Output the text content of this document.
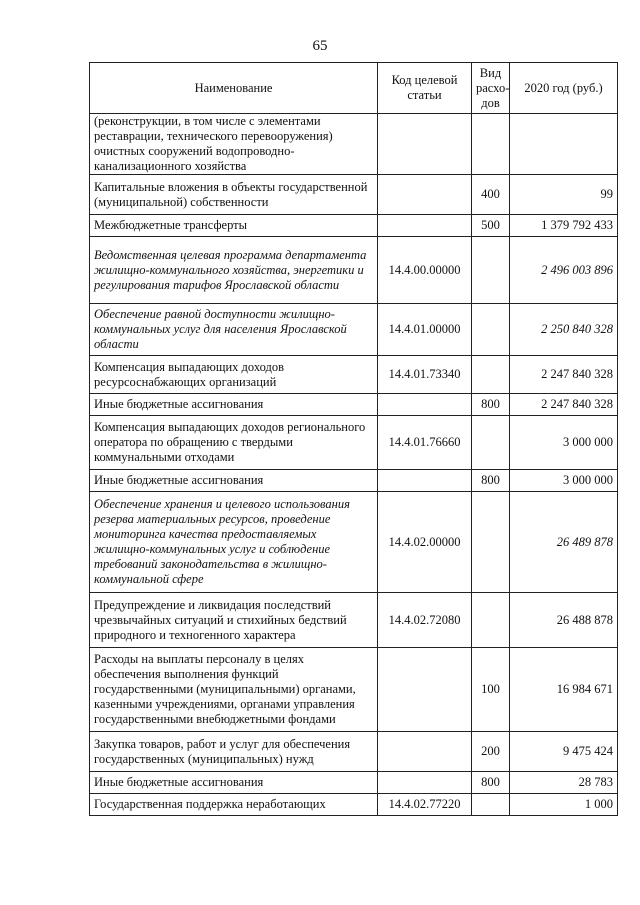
65
Наименование	Код целевой статьи	Вид расхо-дов	2020 год (руб.)
(реконструкции, в том числе с элементами реставрации, технического перевооружения) очистных сооружений водопроводно-канализационного хозяйства			
Капитальные вложения в объекты государственной (муниципальной) собственности		400	99
Межбюджетные трансферты		500	1 379 792 433
Ведомственная целевая программа департамента жилищно-коммунального хозяйства, энергетики и регулирования тарифов Ярославской области	14.4.00.00000		2 496 003 896
Обеспечение равной доступности жилищно-коммунальных услуг для населения Ярославской области	14.4.01.00000		2 250 840 328
Компенсация выпадающих доходов ресурсоснабжающих организаций	14.4.01.73340		2 247 840 328
Иные бюджетные ассигнования		800	2 247 840 328
Компенсация выпадающих доходов регионального оператора по обращению с твердыми коммунальными отходами	14.4.01.76660		3 000 000
Иные бюджетные ассигнования		800	3 000 000
Обеспечение хранения и целевого использования резерва материальных ресурсов, проведение мониторинга качества предоставляемых жилищно-коммунальных услуг и соблюдение требований законодательства в жилищно-коммунальной сфере	14.4.02.00000		26 489 878
Предупреждение и ликвидация последствий чрезвычайных ситуаций и стихийных бедствий природного и техногенного характера	14.4.02.72080		26 488 878
Расходы на выплаты персоналу в целях обеспечения выполнения функций государственными (муниципальными) органами, казенными учреждениями, органами управления государственными внебюджетными фондами		100	16 984 671
Закупка товаров, работ и услуг для обеспечения государственных (муниципальных) нужд		200	9 475 424
Иные бюджетные ассигнования		800	28 783
Государственная поддержка неработающих	14.4.02.77220		1 000
